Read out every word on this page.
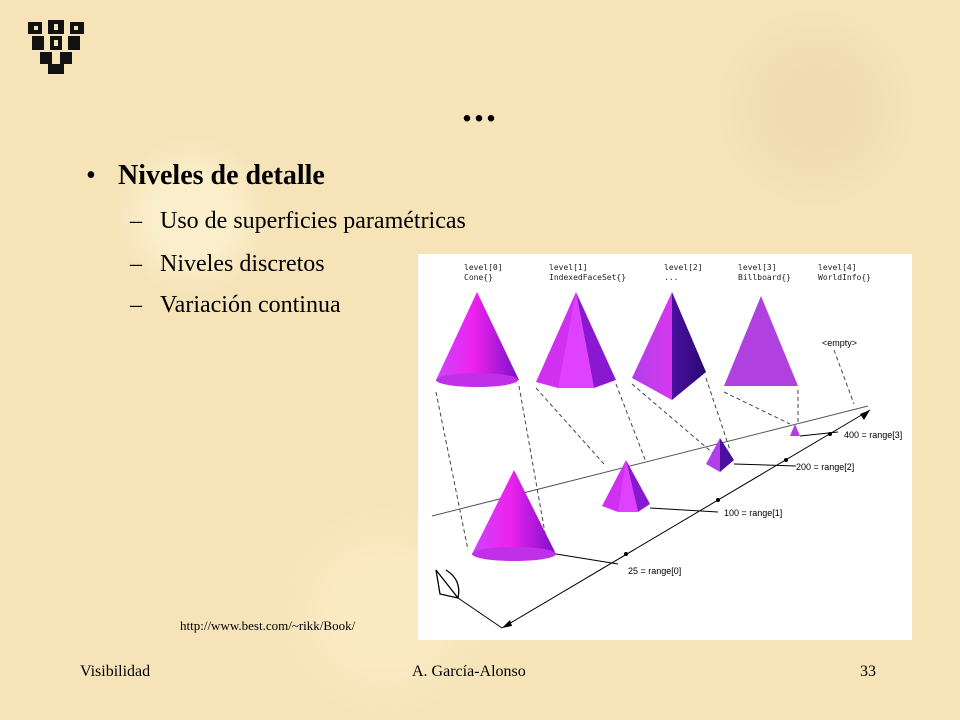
...
• Niveles de detalle
– Uso de superficies paramétricas
– Niveles discretos
– Variación continua
level[0]
Cone{}
level[1]
IndexedFaceSet{}
level[2]
...
level[3]
Billboard{}
level[4]
WorldInfo{}
<empty>
25 = range[0]
100 = range[1]
200 = range[2]
400 = range[3]
http://www.best.com/~rikk/Book/
Visibilidad	A. García-Alonso	33
